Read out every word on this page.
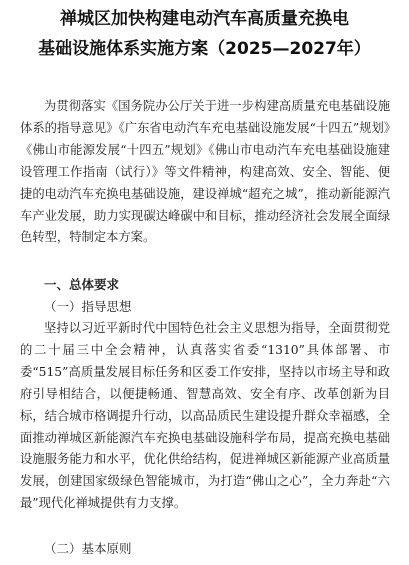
禅城区加快构建电动汽车高质量充换电
基础设施体系实施方案（2025—2027年）
为贯彻落实《国务院办公厅关于进一步构建高质量充电基础设施体系的指导意见》《广东省电动汽车充电基础设施发展“十四五”规划》《佛山市能源发展“十四五”规划》《佛山市电动汽车充电基础设施建设管理工作指南（试行）》等文件精神，构建高效、安全、智能、便捷的电动汽车充换电基础设施，建设禅城“超充之城”，推动新能源汽车产业发展，助力实现碳达峰碳中和目标，推动经济社会发展全面绿色转型，特制定本方案。
一、总体要求
（一）指导思想
坚持以习近平新时代中国特色社会主义思想为指导，全面贯彻党的二十届三中全会精神，认真落实省委“1310”具体部署、市委“515”高质量发展目标任务和区委工作安排，坚持以市场主导和政府引导相结合，以便捷畅通、智慧高效、安全有序、改革创新为目标，结合城市格调提升行动，以高品质民生建设提升群众幸福感，全面推动禅城区新能源汽车充换电基础设施科学布局，提高充换电基础设施服务能力和水平，优化供给结构，促进禅城区新能源产业高质量发展，创建国家级绿色智能城市，为打造“佛山之心”，全力奔赴“六最”现代化禅城提供有力支撑。
（二）基本原则
